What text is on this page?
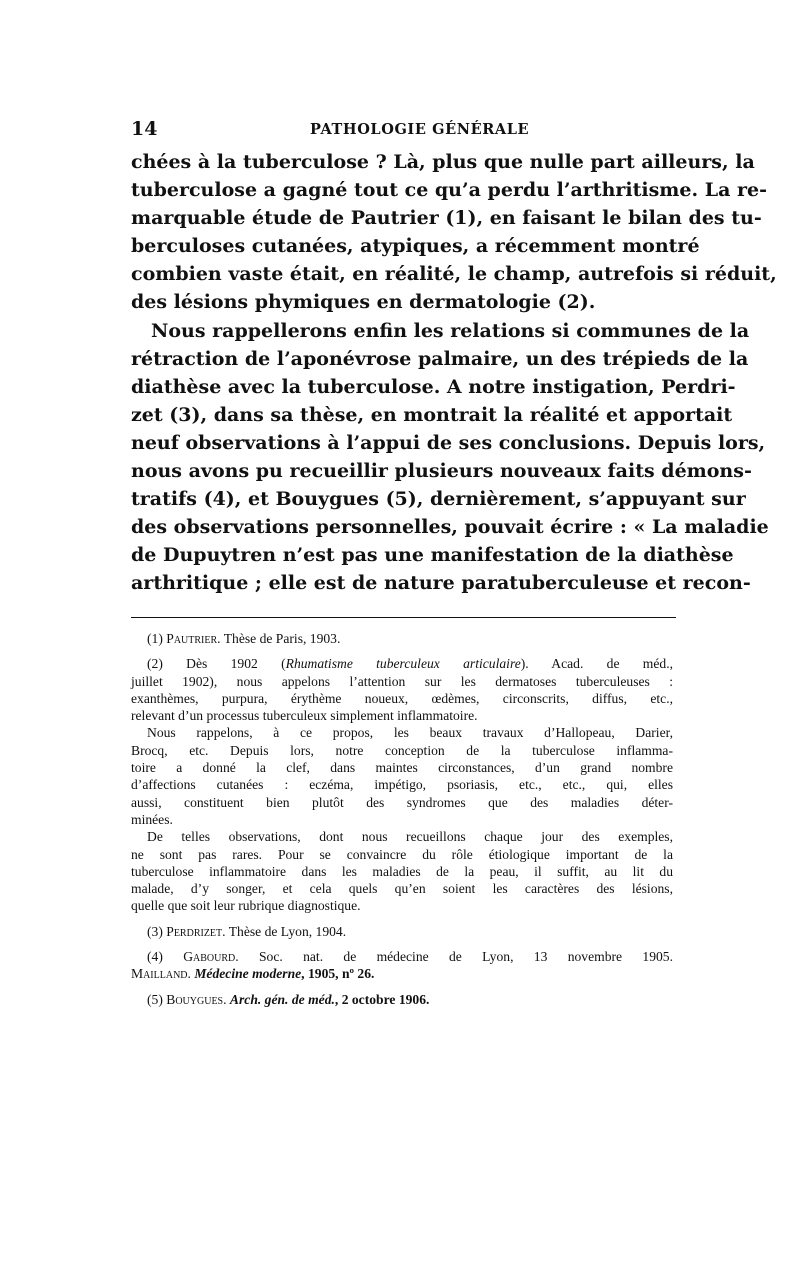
14	PATHOLOGIE GÉNÉRALE
chées à la tuberculose ? Là, plus que nulle part ailleurs, la
tuberculose a gagné tout ce qu’a perdu l’arthritisme. La re-
marquable étude de Pautrier (1), en faisant le bilan des tu-
berculoses cutanées, atypiques, a récemment montré
combien vaste était, en réalité, le champ, autrefois si réduit,
des lésions phymiques en dermatologie (2).
Nous rappellerons enfin les relations si communes de la
rétraction de l’aponévrose palmaire, un des trépieds de la
diathèse avec la tuberculose. A notre instigation, Perdri-
zet (3), dans sa thèse, en montrait la réalité et apportait
neuf observations à l’appui de ses conclusions. Depuis lors,
nous avons pu recueillir plusieurs nouveaux faits démons-
tratifs (4), et Bouygues (5), dernièrement, s’appuyant sur
des observations personnelles, pouvait écrire : « La maladie
de Dupuytren n’est pas une manifestation de la diathèse
arthritique ; elle est de nature paratuberculeuse et recon-
(1) Pautrier. Thèse de Paris, 1903.
(2) Dès 1902 (Rhumatisme tuberculeux articulaire). Acad. de méd.,
juillet 1902), nous appelons l’attention sur les dermatoses tuberculeuses :
exanthèmes, purpura, érythème noueux, œdèmes, circonscrits, diffus, etc.,
relevant d’un processus tuberculeux simplement inflammatoire.
Nous rappelons, à ce propos, les beaux travaux d’Hallopeau, Darier,
Brocq, etc. Depuis lors, notre conception de la tuberculose inflamma-
toire a donné la clef, dans maintes circonstances, d’un grand nombre
d’affections cutanées : eczéma, impétigo, psoriasis, etc., etc., qui, elles
aussi, constituent bien plutôt des syndromes que des maladies déter-
minées.
De telles observations, dont nous recueillons chaque jour des exemples,
ne sont pas rares. Pour se convaincre du rôle étiologique important de la
tuberculose inflammatoire dans les maladies de la peau, il suffit, au lit du
malade, d’y songer, et cela quels qu’en soient les caractères des lésions,
quelle que soit leur rubrique diagnostique.
(3) Perdrizet. Thèse de Lyon, 1904.
(4) Gabourd. Soc. nat. de médecine de Lyon, 13 novembre 1905.
Mailland. Médecine moderne, 1905, nº 26.
(5) Bouygues. Arch. gén. de méd., 2 octobre 1906.
